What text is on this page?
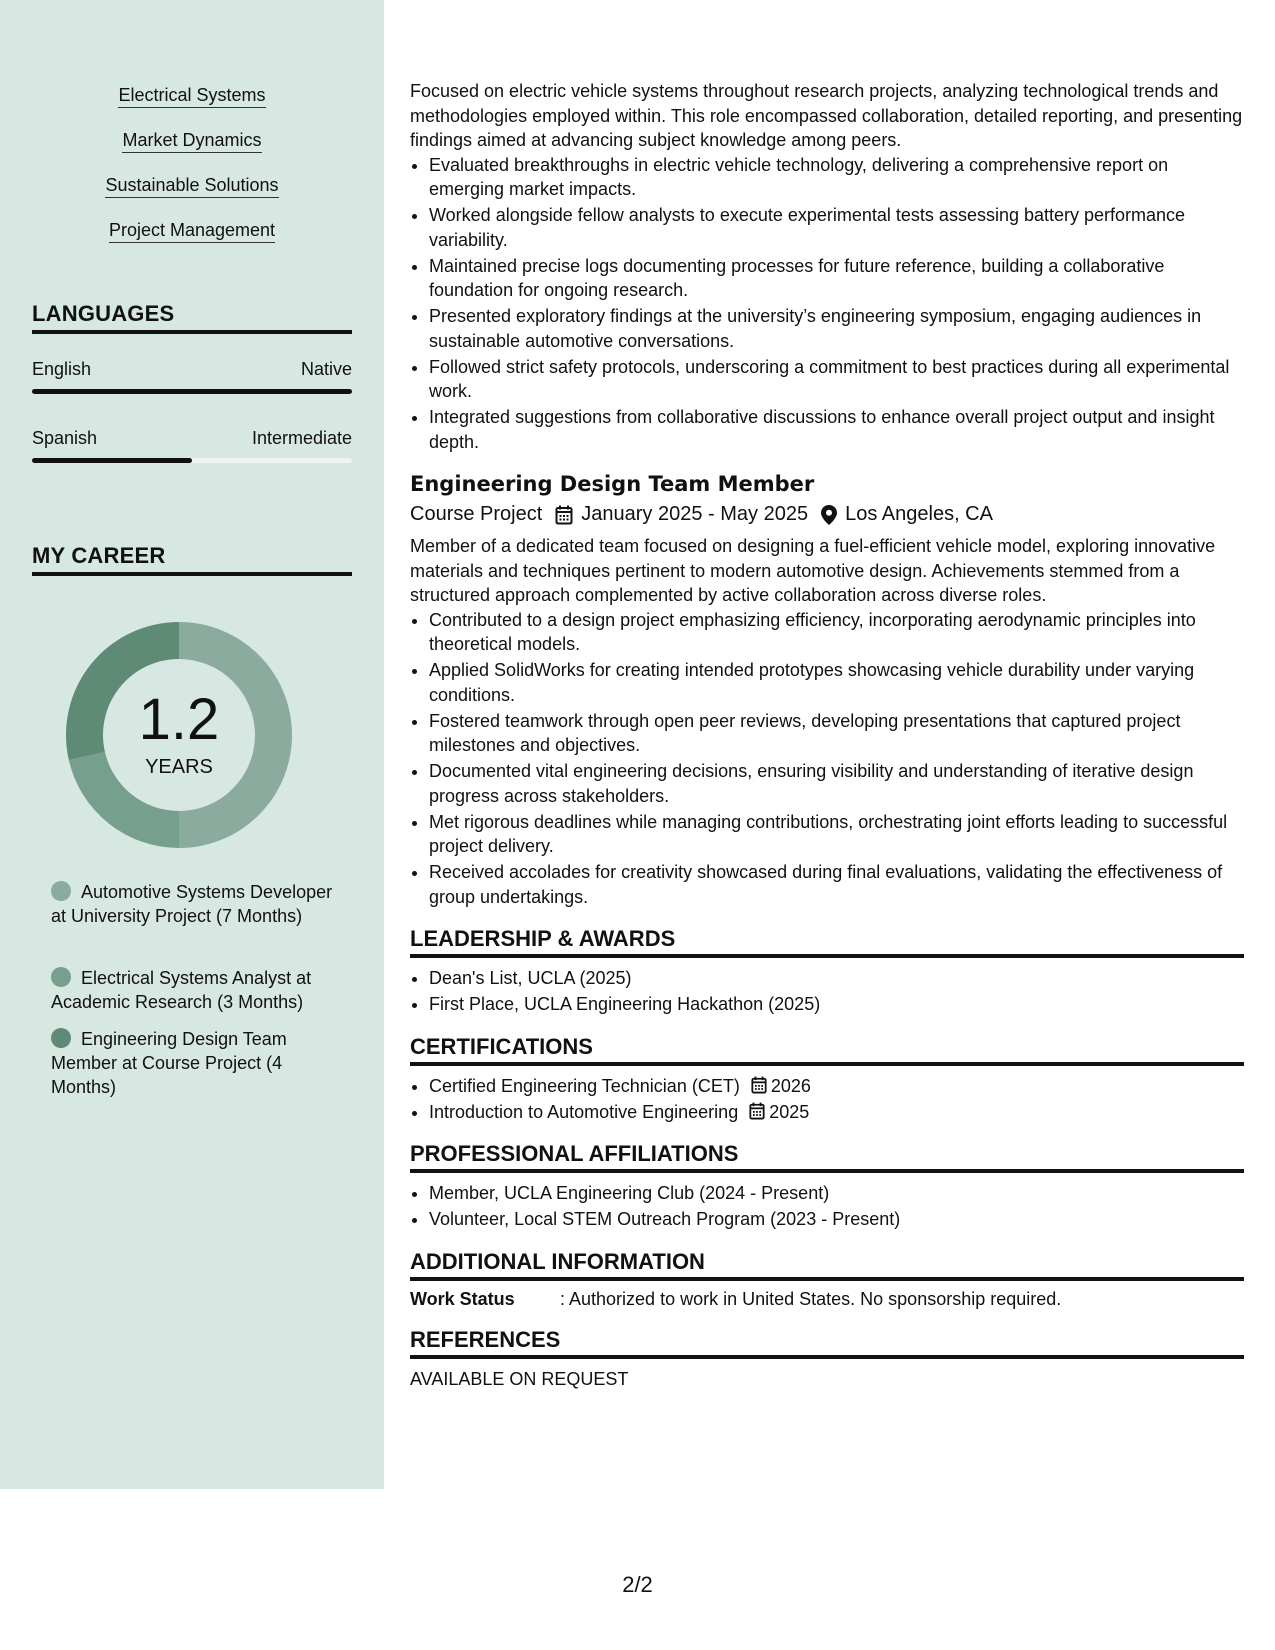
Electrical Systems
Market Dynamics
Sustainable Solutions
Project Management
LANGUAGES
English	Native
Spanish	Intermediate
MY CAREER
1.2
YEARS
Automotive Systems Developer at University Project (7 Months)
Electrical Systems Analyst at Academic Research (3 Months)
Engineering Design Team Member at Course Project (4 Months)

Focused on electric vehicle systems throughout research projects, analyzing technological trends and methodologies employed within. This role encompassed collaboration, detailed reporting, and presenting findings aimed at advancing subject knowledge among peers.

• Evaluated breakthroughs in electric vehicle technology, delivering a comprehensive report on emerging market impacts.
• Worked alongside fellow analysts to execute experimental tests assessing battery performance variability.
• Maintained precise logs documenting processes for future reference, building a collaborative foundation for ongoing research.
• Presented exploratory findings at the university’s engineering symposium, engaging audiences in sustainable automotive conversations.
• Followed strict safety protocols, underscoring a commitment to best practices during all experimental work.
• Integrated suggestions from collaborative discussions to enhance overall project output and insight depth.
Engineering Design Team Member
Course Project January 2025 - May 2025 Los Angeles, CA

Member of a dedicated team focused on designing a fuel-efficient vehicle model, exploring innovative materials and techniques pertinent to modern automotive design. Achievements stemmed from a structured approach complemented by active collaboration across diverse roles.

• Contributed to a design project emphasizing efficiency, incorporating aerodynamic principles into theoretical models.
• Applied SolidWorks for creating intended prototypes showcasing vehicle durability under varying conditions.
• Fostered teamwork through open peer reviews, developing presentations that captured project milestones and objectives.
• Documented vital engineering decisions, ensuring visibility and understanding of iterative design progress across stakeholders.
• Met rigorous deadlines while managing contributions, orchestrating joint efforts leading to successful project delivery.
• Received accolades for creativity showcased during final evaluations, validating the effectiveness of group undertakings.
LEADERSHIP & AWARDS
• Dean's List, UCLA (2025)
• First Place, UCLA Engineering Hackathon (2025)
CERTIFICATIONS
• Certified Engineering Technician (CET) 2026
• Introduction to Automotive Engineering 2025
PROFESSIONAL AFFILIATIONS
• Member, UCLA Engineering Club (2024 - Present)
• Volunteer, Local STEM Outreach Program (2023 - Present)
ADDITIONAL INFORMATION
Work Status	: Authorized to work in United States. No sponsorship required.
REFERENCES

AVAILABLE ON REQUEST

2/2
